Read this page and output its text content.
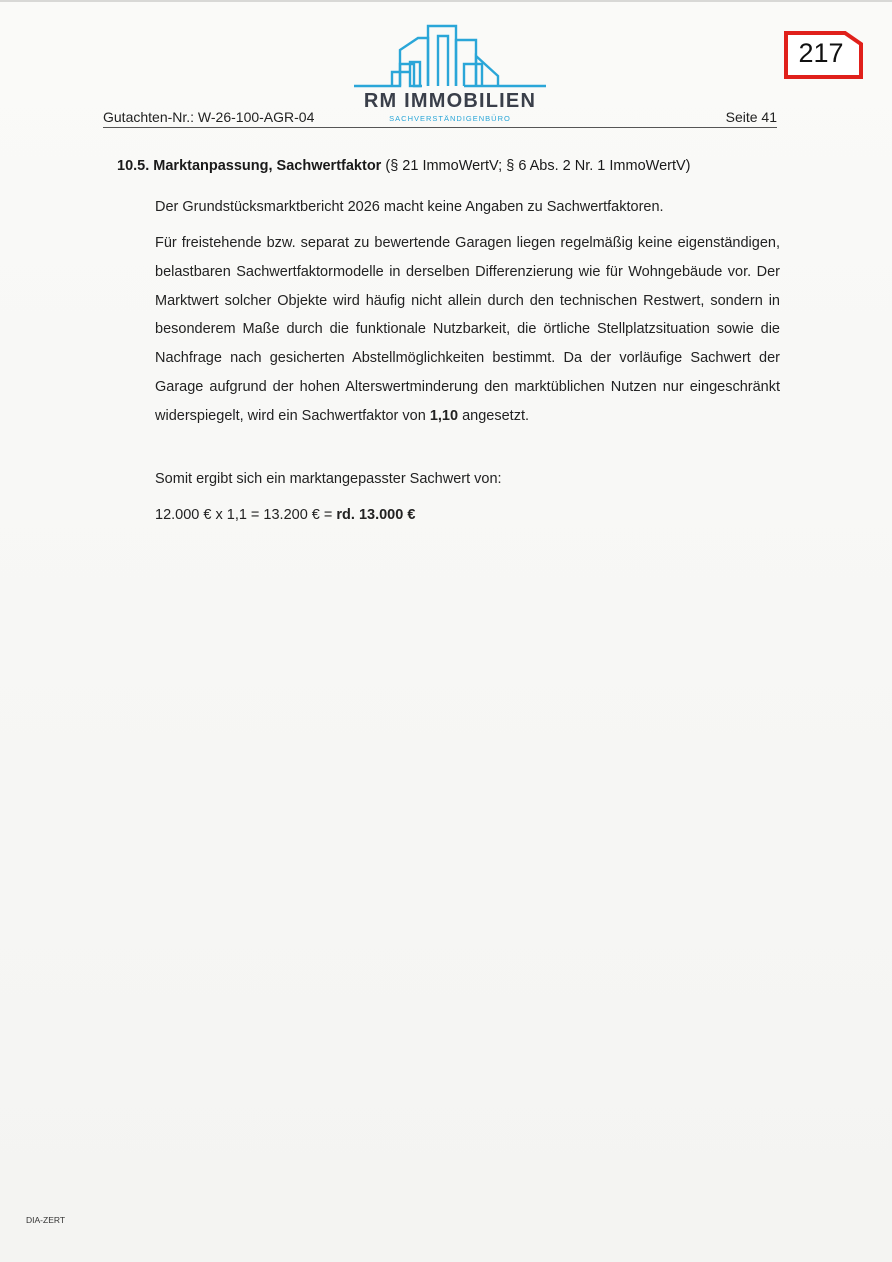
RM IMMOBILIEN
SACHVERSTÄNDIGENBÜRO
217
Gutachten-Nr.: W-26-100-AGR-04	Seite 41
10.5. Marktanpassung, Sachwertfaktor (§ 21 ImmoWertV; § 6 Abs. 2 Nr. 1 ImmoWertV)
Der Grundstücksmarktbericht 2026 macht keine Angaben zu Sachwertfaktoren.
Für freistehende bzw. separat zu bewertende Garagen liegen regelmäßig keine eigenständigen, belastbaren Sachwertfaktormodelle in derselben Differenzierung wie für Wohngebäude vor. Der Marktwert solcher Objekte wird häufig nicht allein durch den technischen Restwert, sondern in besonderem Maße durch die funktionale Nutzbarkeit, die örtliche Stellplatzsituation sowie die Nachfrage nach gesicherten Abstellmöglichkeiten bestimmt. Da der vorläufige Sachwert der Garage aufgrund der hohen Alterswertminderung den marktüblichen Nutzen nur eingeschränkt widerspiegelt, wird ein Sachwertfaktor von 1,10 angesetzt.
Somit ergibt sich ein marktangepasster Sachwert von:
12.000 € x 1,1 = 13.200 € = rd. 13.000 €
DIA-ZERT
